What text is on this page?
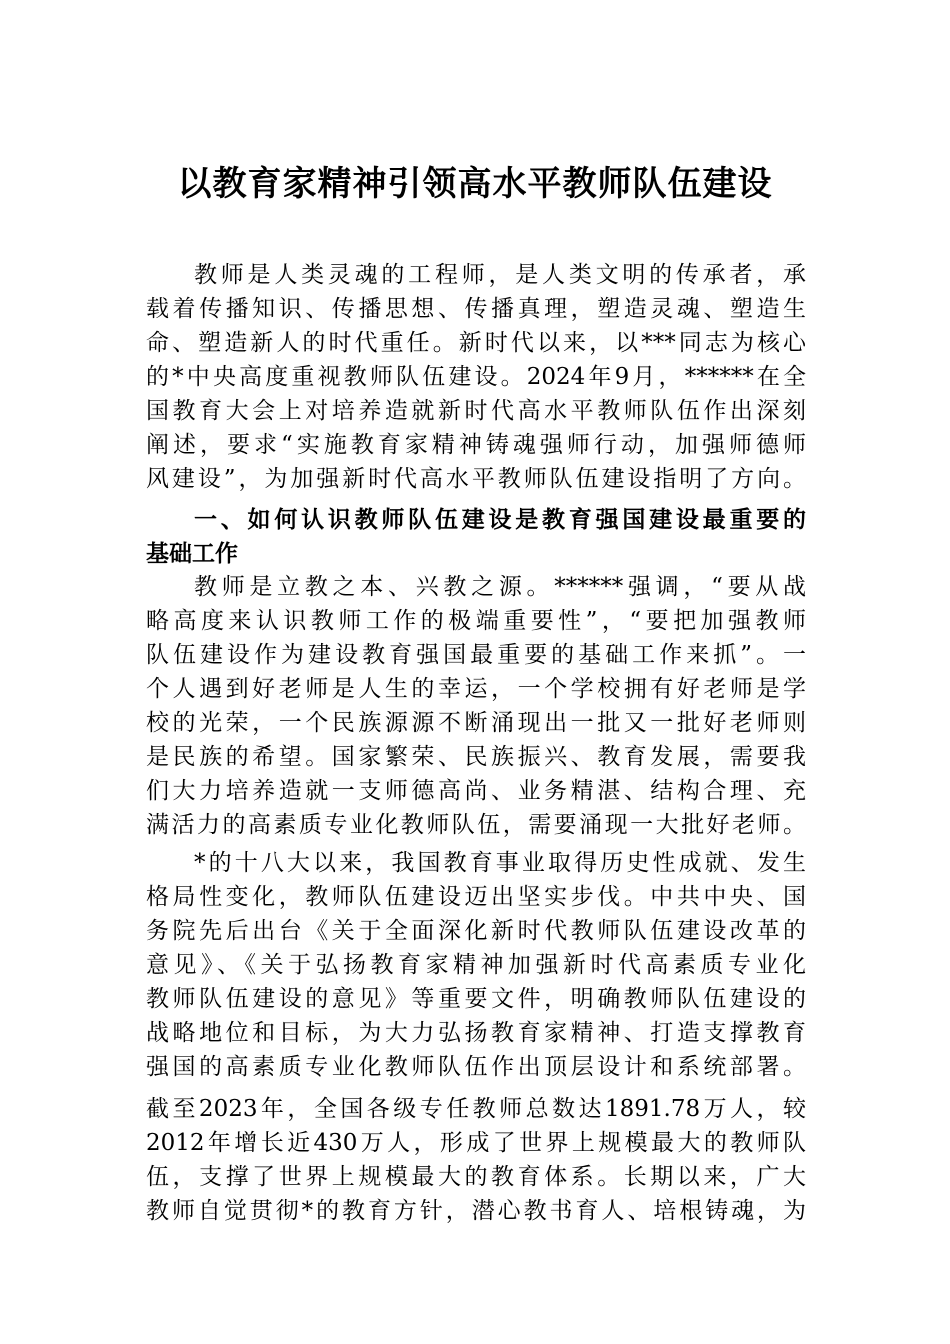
以教育家精神引领高水平教师队伍建设

教师是人类灵魂的工程师，是人类文明的传承者，承

载着传播知识、传播思想、传播真理，塑造灵魂、塑造生

命、塑造新人的时代重任。新时代以来，以***同志为核心

的*中央高度重视教师队伍建设。2024年9月，******在全

国教育大会上对培养造就新时代高水平教师队伍作出深刻

阐述，要求“实施教育家精神铸魂强师行动，加强师德师

风建设”，为加强新时代高水平教师队伍建设指明了方向。

一、如何认识教师队伍建设是教育强国建设最重要的

基础工作

教师是立教之本、兴教之源。******强调，“要从战

略高度来认识教师工作的极端重要性”，“要把加强教师

队伍建设作为建设教育强国最重要的基础工作来抓”。一

个人遇到好老师是人生的幸运，一个学校拥有好老师是学

校的光荣，一个民族源源不断涌现出一批又一批好老师则

是民族的希望。国家繁荣、民族振兴、教育发展，需要我

们大力培养造就一支师德高尚、业务精湛、结构合理、充

满活力的高素质专业化教师队伍，需要涌现一大批好老师。

*的十八大以来，我国教育事业取得历史性成就、发生

格局性变化，教师队伍建设迈出坚实步伐。中共中央、国

务院先后出台《关于全面深化新时代教师队伍建设改革的

意见》、《关于弘扬教育家精神加强新时代高素质专业化

教师队伍建设的意见》等重要文件，明确教师队伍建设的

战略地位和目标，为大力弘扬教育家精神、打造支撑教育

强国的高素质专业化教师队伍作出顶层设计和系统部署。

截至2023年，全国各级专任教师总数达1891.78万人，较

2012年增长近430万人，形成了世界上规模最大的教师队

伍，支撑了世界上规模最大的教育体系。长期以来，广大

教师自觉贯彻*的教育方针，潜心教书育人、培根铸魂，为
